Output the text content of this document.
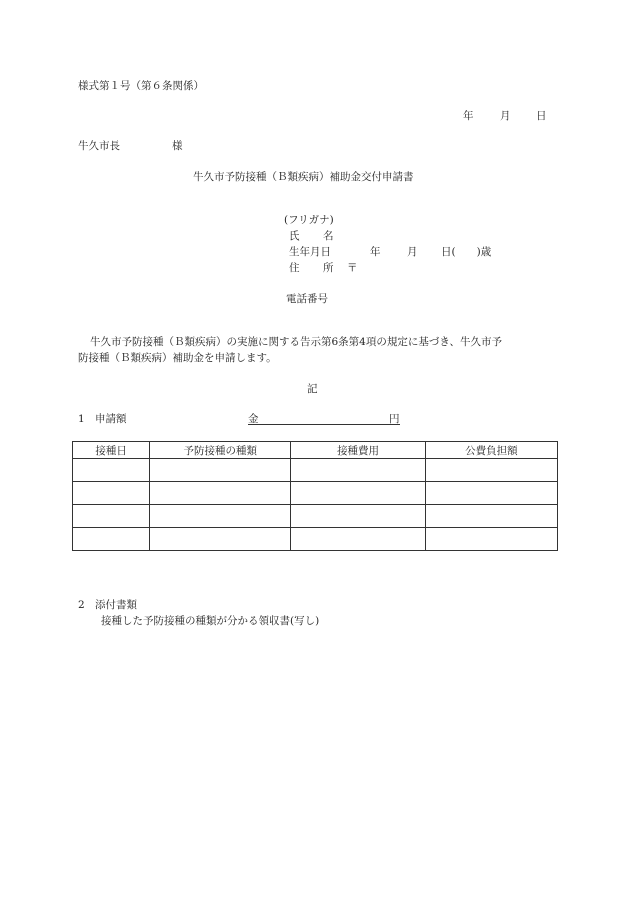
様式第１号（第６条関係）
年	月 日
牛久市長	様
牛久市予防接種（Ｂ類疾病）補助金交付申請書
(フリガナ)
氏 名
生年月日	年	月 日(　　)歳
住 所 〒
電話番号
牛久市予防接種（Ｂ類疾病）の実施に関する告示第6条第4項の規定に基づき、牛久市予
防接種（Ｂ類疾病）補助金を申請します。
記
1 申請額	金	円
接種日	予防接種の種類	接種費用	公費負担額

2 添付書類
接種した予防接種の種類が分かる領収書(写し)
